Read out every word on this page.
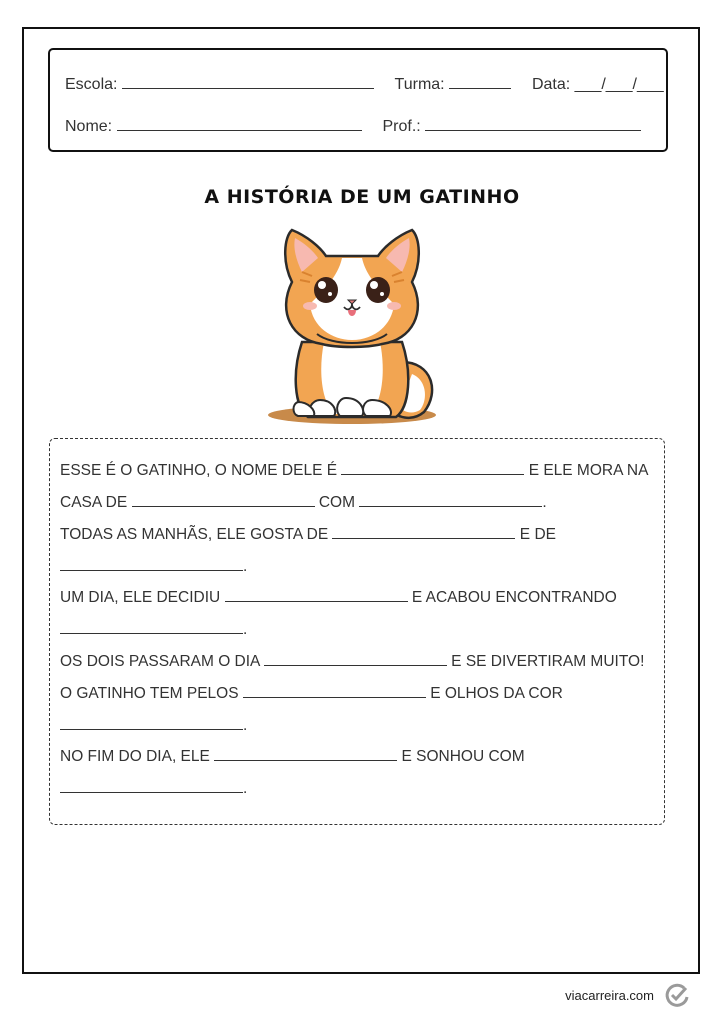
Escola:	Turma:	Data: ___/___/___
Nome:	Prof.:
A HISTÓRIA DE UM GATINHO
ESSE É O GATINHO, O NOME DELE É	E ELE MORA NA
CASA DE	COM	.
TODAS AS MANHÃS, ELE GOSTA DE	E DE
.
UM DIA, ELE DECIDIU	E ACABOU ENCONTRANDO
.
OS DOIS PASSARAM O DIA	E SE DIVERTIRAM MUITO!
O GATINHO TEM PELOS	E OLHOS DA COR
.
NO FIM DO DIA, ELE	E SONHOU COM
.
viacarreira.com
